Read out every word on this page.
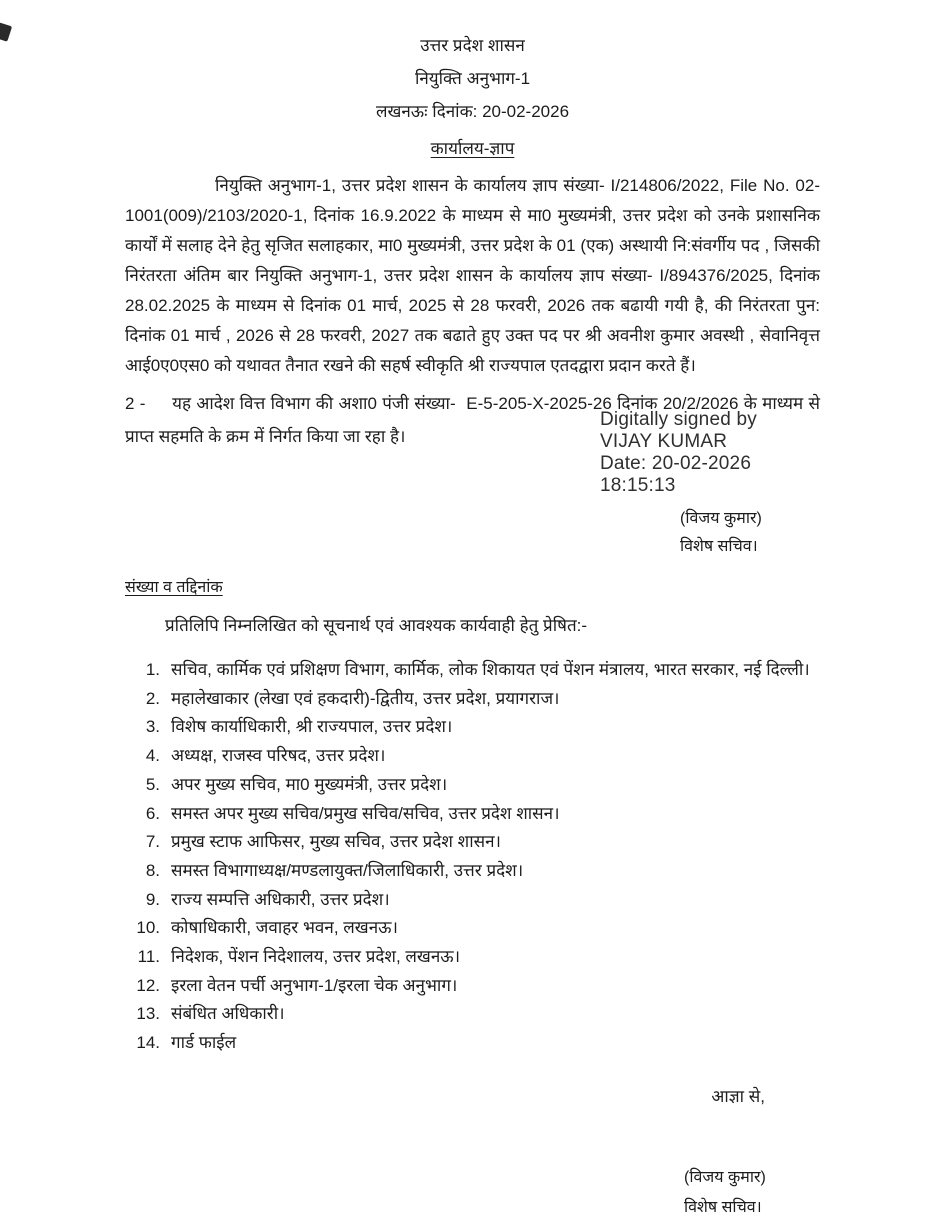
उत्तर प्रदेश शासन
नियुक्ति अनुभाग-1
लखनऊः दिनांक: 20-02-2026
कार्यालय-ज्ञाप

नियुक्ति अनुभाग-1, उत्तर प्रदेश शासन के कार्यालय ज्ञाप संख्या- I/214806/2022, File No. 02-1001(009)/2103/2020-1, दिनांक 16.9.2022 के माध्यम से मा0 मुख्यमंत्री, उत्तर प्रदेश को उनके प्रशासनिक कार्यों में सलाह देने हेतु सृजित सलाहकार, मा0 मुख्यमंत्री, उत्तर प्रदेश के 01 (एक) अस्थायी नि:संवर्गीय पद , जिसकी निरंतरता अंतिम बार नियुक्ति अनुभाग-1, उत्तर प्रदेश शासन के कार्यालय ज्ञाप संख्या- I/894376/2025, दिनांक 28.02.2025 के माध्यम से दिनांक 01 मार्च, 2025 से 28 फरवरी, 2026 तक बढायी गयी है, की निरंतरता पुन: दिनांक 01 मार्च , 2026 से 28 फरवरी, 2027 तक बढाते हुए उक्त पद पर श्री अवनीश कुमार अवस्थी , सेवानिवृत्त आई0ए0एस0 को यथावत तैनात रखने की सहर्ष स्वीकृति श्री राज्यपाल एतदद्वारा प्रदान करते हैं।

2 -     यह आदेश वित्त विभाग की अशा0 पंजी संख्या-  E-5-205-X-2025-26 दिनांक 20/2/2026 के माध्यम से प्राप्त सहमति के क्रम में निर्गत किया जा रहा है।

Digitally signed by
VIJAY KUMAR
Date: 20-02-2026
18:15:13
(विजय कुमार)
विशेष सचिव।
संख्या व तद्दिनांक

प्रतिलिपि निम्नलिखित को सूचनार्थ एवं आवश्यक कार्यवाही हेतु प्रेषित:-

1. सचिव, कार्मिक एवं प्रशिक्षण विभाग, कार्मिक, लोक शिकायत एवं पेंशन मंत्रालय, भारत सरकार, नई दिल्ली।
2. महालेखाकार (लेखा एवं हकदारी)-द्वितीय, उत्तर प्रदेश, प्रयागराज।
3. विशेष कार्याधिकारी, श्री राज्यपाल, उत्तर प्रदेश।
4. अध्यक्ष, राजस्व परिषद, उत्तर प्रदेश।
5. अपर मुख्य सचिव, मा0 मुख्यमंत्री, उत्तर प्रदेश।
6. समस्त अपर मुख्य सचिव/प्रमुख सचिव/सचिव, उत्तर प्रदेश शासन।
7. प्रमुख स्टाफ आफिसर, मुख्य सचिव, उत्तर प्रदेश शासन।
8. समस्त विभागाध्यक्ष/मण्डलायुक्त/जिलाधिकारी, उत्तर प्रदेश।
9. राज्य सम्पत्ति अधिकारी, उत्तर प्रदेश।
10. कोषाधिकारी, जवाहर भवन, लखनऊ।
11. निदेशक, पेंशन निदेशालय, उत्तर प्रदेश, लखनऊ।
12. इरला वेतन पर्ची अनुभाग-1/इरला चेक अनुभाग।
13. संबंधित अधिकारी।
14. गार्ड फाईल
आज्ञा से,
(विजय कुमार)
विशेष सचिव।
